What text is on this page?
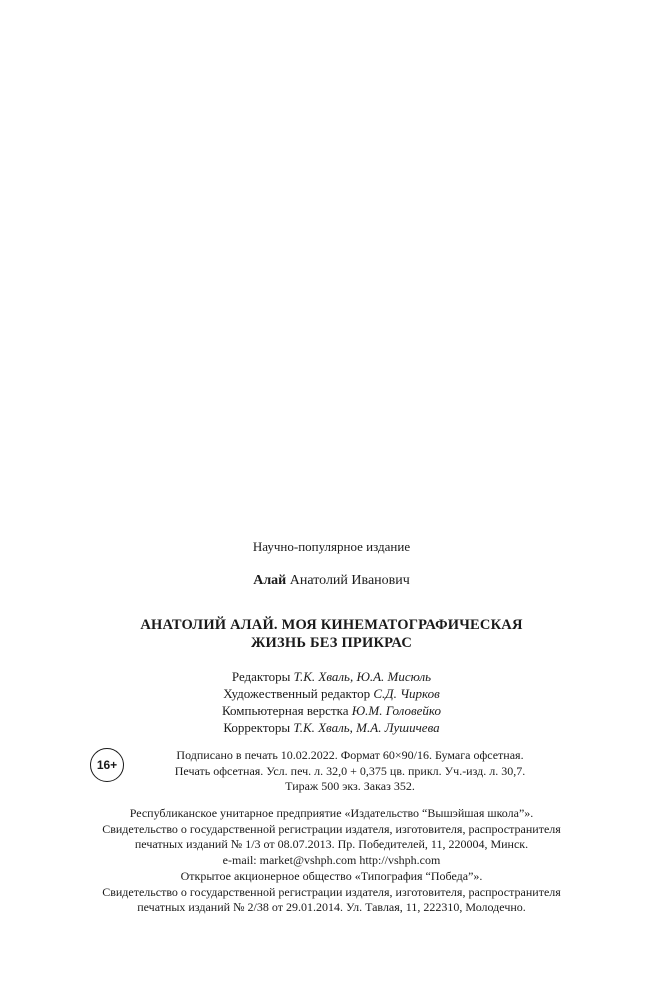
Научно-популярное издание
Алай Анатолий Иванович
АНАТОЛИЙ АЛАЙ. МОЯ КИНЕМАТОГРАФИЧЕСКАЯ
ЖИЗНЬ БЕЗ ПРИКРАС
Редакторы Т.К. Хваль, Ю.А. Мисюль
Художественный редактор С.Д. Чирков
Компьютерная верстка Ю.М. Головейко
Корректоры Т.К. Хваль, М.А. Лушичева
16+
Подписано в печать 10.02.2022. Формат 60×90/16. Бумага офсетная.
Печать офсетная. Усл. печ. л. 32,0 + 0,375 цв. прикл. Уч.-изд. л. 30,7.
Тираж 500 экз. Заказ 352.
Республиканское унитарное предприятие «Издательство “Вышэйшая школа”».
Свидетельство о государственной регистрации издателя, изготовителя, распространителя
печатных изданий № 1/3 от 08.07.2013. Пр. Победителей, 11, 220004, Минск.
e-mail: market@vshph.com http://vshph.com
Открытое акционерное общество «Типография “Победа”».
Свидетельство о государственной регистрации издателя, изготовителя, распространителя
печатных изданий № 2/38 от 29.01.2014. Ул. Тавлая, 11, 222310, Молодечно.
